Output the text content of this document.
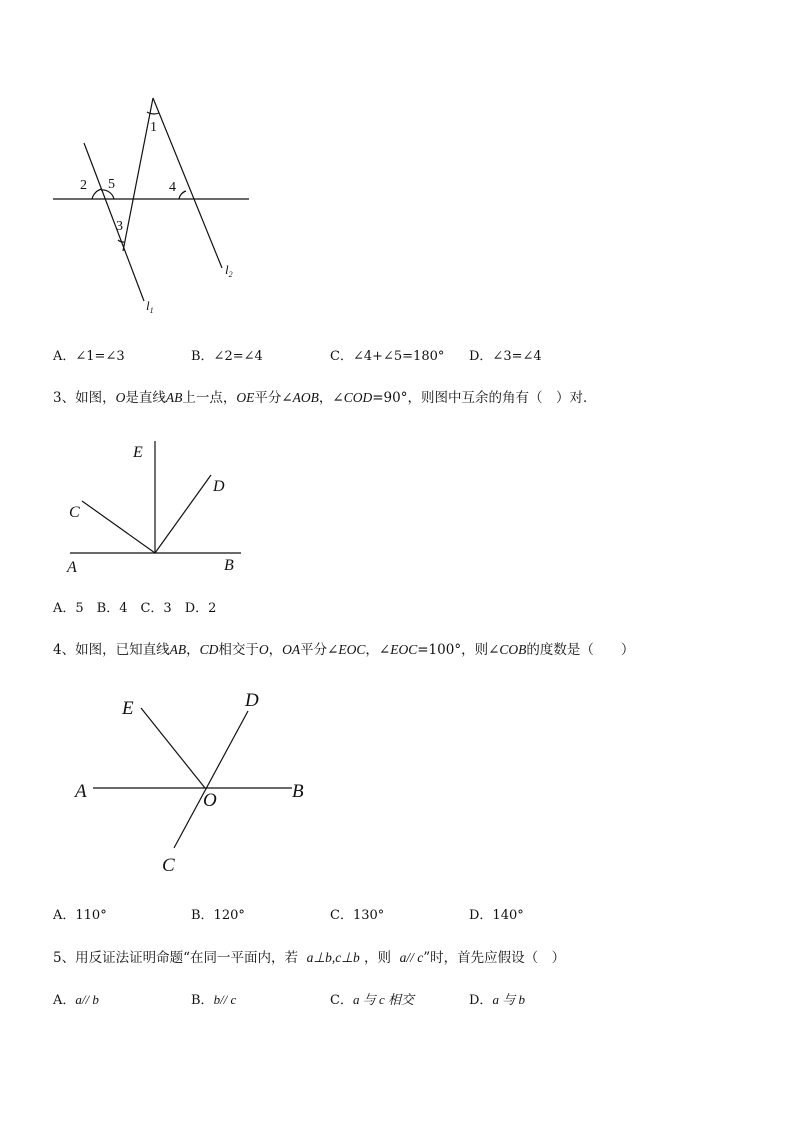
1
2 5	4
3
$l_2$
$l_1$
A．∠1=∠3	B．∠2=∠4	C．∠4+∠5=180° D．∠3=∠4
3、如图，O是直线AB上一点，OE平分∠AOB，∠COD=90°，则图中互余的角有（　）对．
E
D
C
A	B
A．5　B．4　C．3　D．2
4、如图，已知直线AB，CD相交于O，OA平分∠EOC，∠EOC=100°，则∠COB的度数是（　　）
E	D
A	O	B
C
A．110°	B．120°	C．130°	D．140°
5、用反证法证明命题“在同一平面内，若 a⊥b,c⊥b ，则 a// c”时，首先应假设（　）
A．a// b	B．b// c	C．a 与 c 相交	D．a 与 b
